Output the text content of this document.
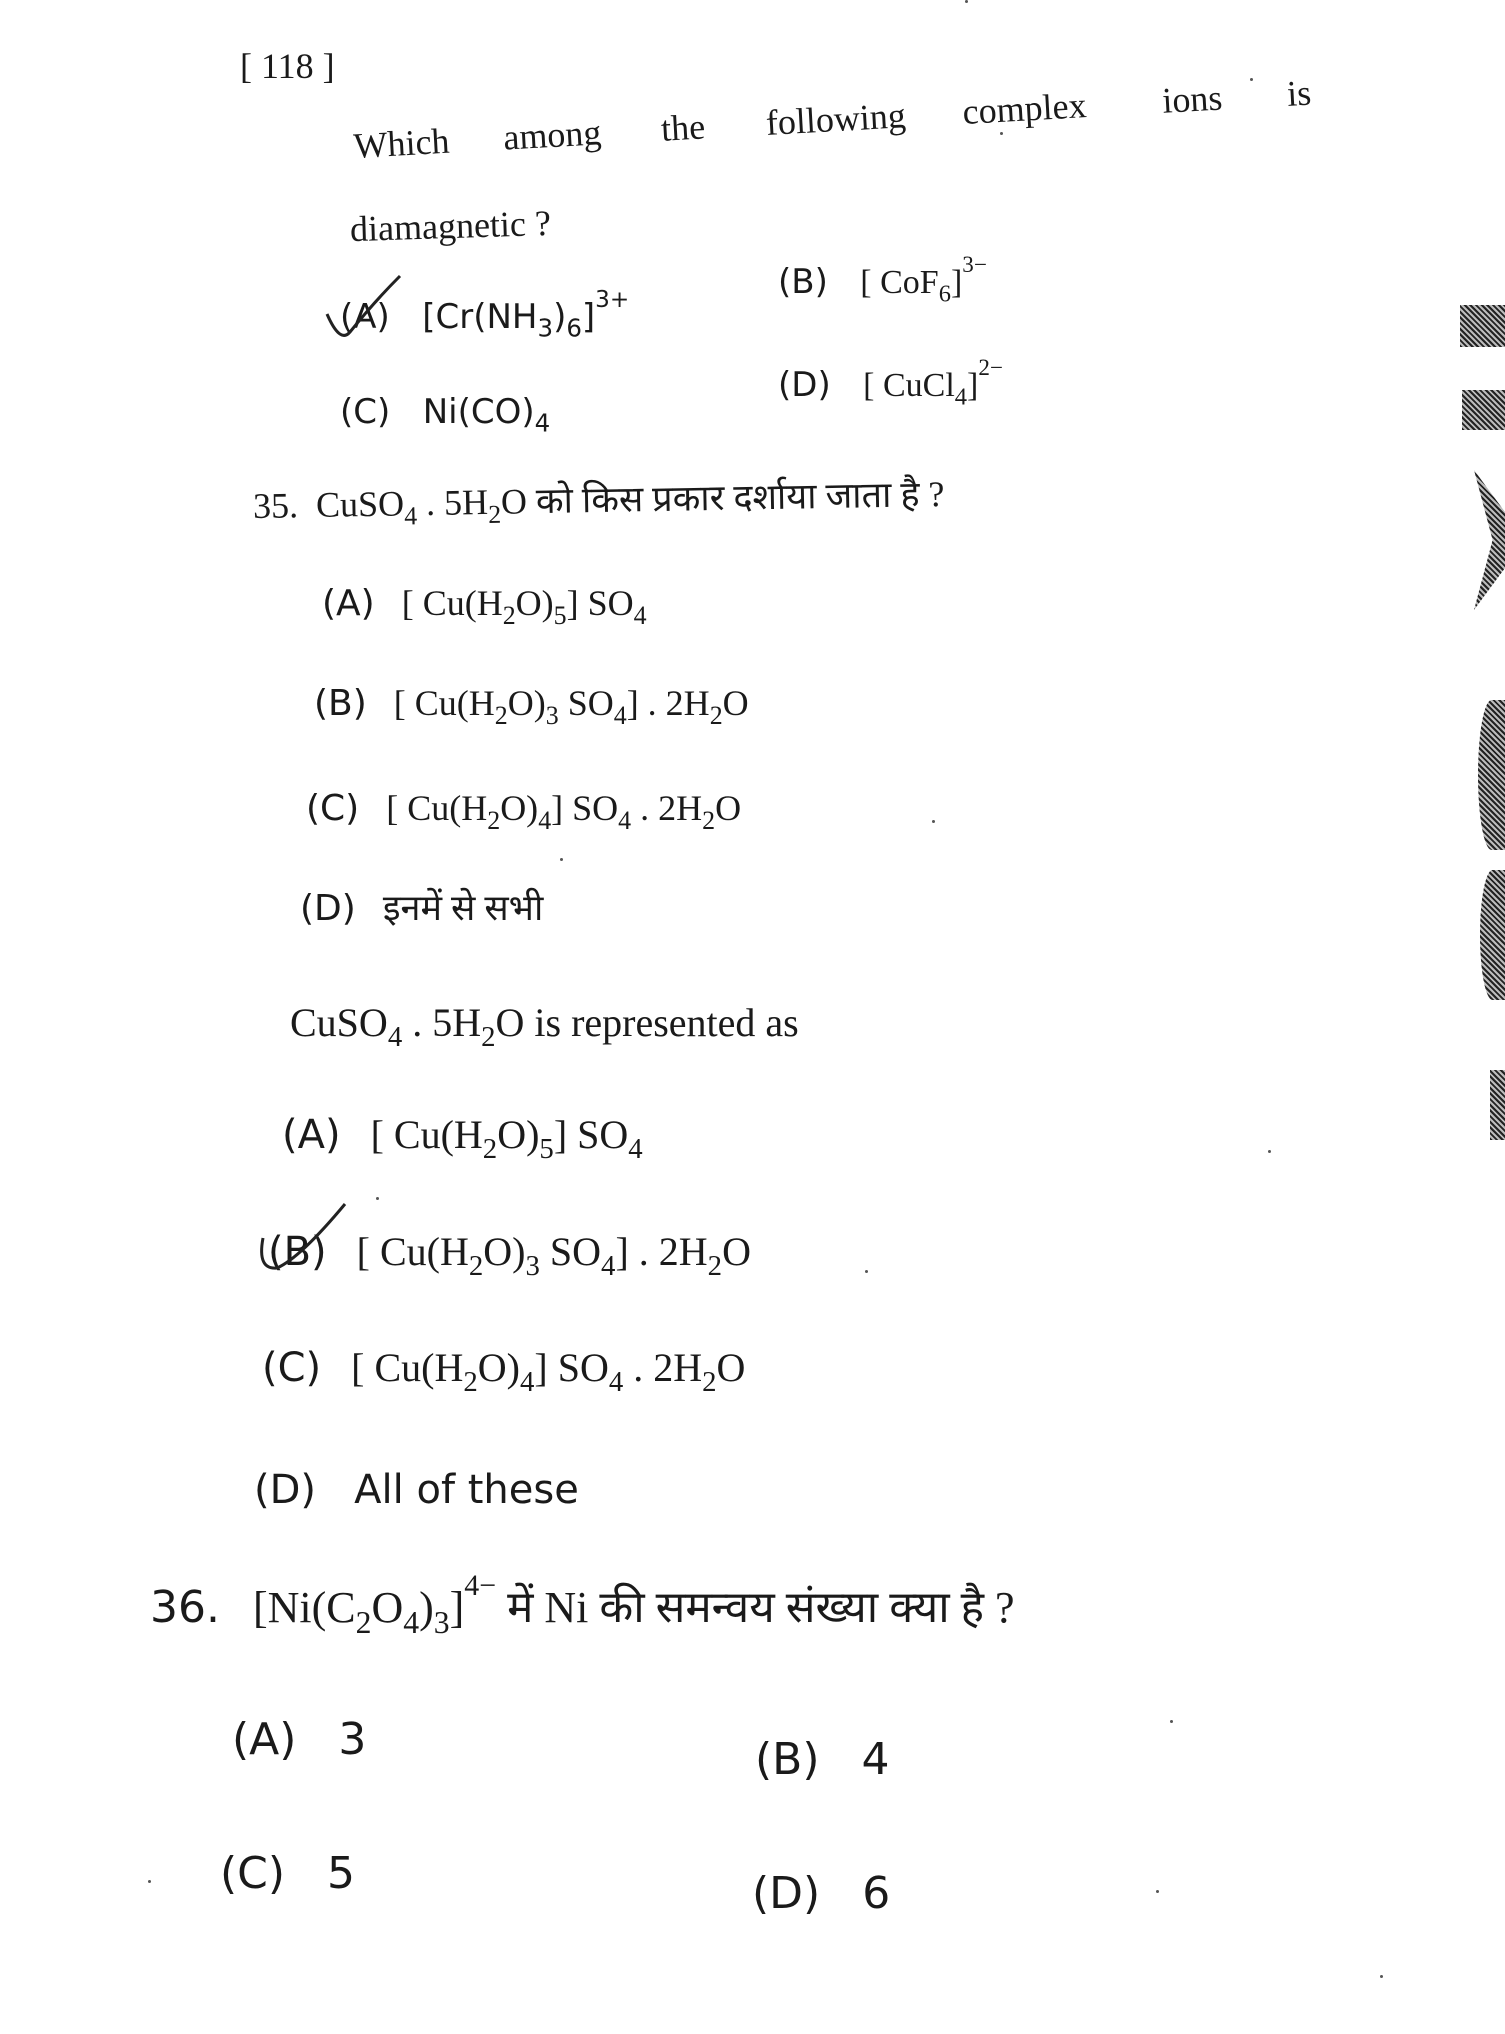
[ 118 ]
Which among the following complex ions is
diamagnetic ?
(A) $[Cr(NH_3)_6]^{3+}$	(B) [ CoF$_6$]$^{3-}$
(C) $Ni(CO)_4$
(D) [ CuCl$_4$]$^{2-}$
35. CuSO$_4$ . $5H_2O$ को किस प्रकार दर्शाया जाता है ?
(A) [ $Cu(H_2O)_5$] $SO_4$
(B) [ $Cu(H_2O)_3$ $SO_4$] . $2H_2O$
(C) [ $Cu(H_2O)_4$] $SO_4$ . $2H_2O$
(D) इनमें से सभी
CuSO$_4$ . $5H_2O$ is represented as
(A) [ $Cu(H_2O)_5$] $SO_4$
(B) [ $Cu(H_2O)_3$ $SO_4$] . $2H_2O$
(C) [ $Cu(H_2O)_4$] $SO_4$ . $2H_2O$
(D) All of these
36. $[Ni(C_2O_4)_3]^{4-}$ में Ni की समन्वय संख्या क्या है ?
(A) 3	(B) 4
(C) 5	(D) 6
